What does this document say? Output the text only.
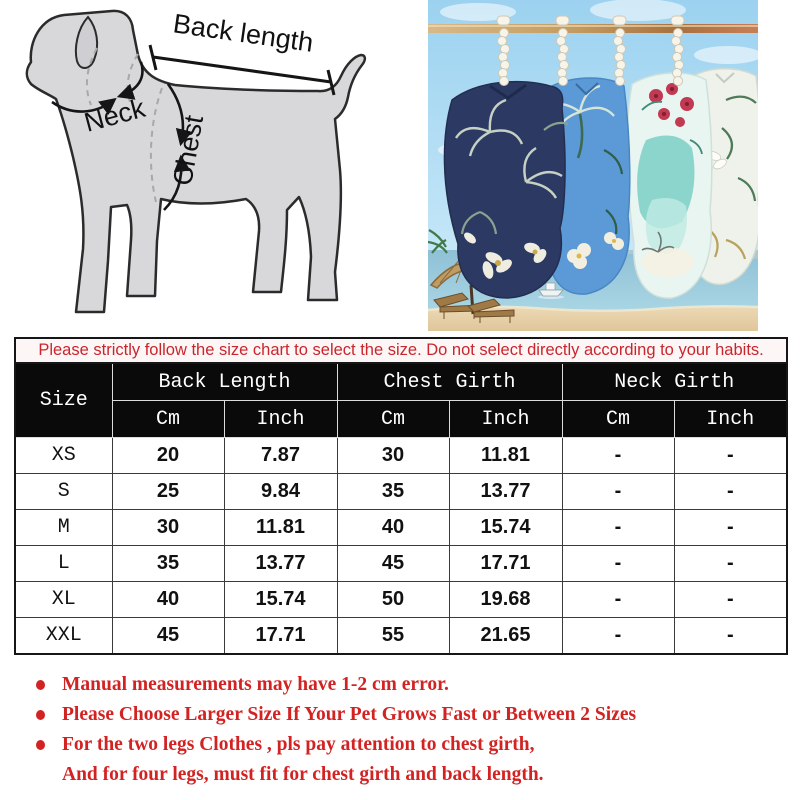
Back length
Neck Chest
Please strictly follow the size chart to select the size. Do not select directly according to your habits.						
Size	Back Length		Chest Girth		Neck Girth	
	Cm	Inch	Cm	Inch	Cm	Inch
XS	20	7.87	30	11.81	-	-
S	25	9.84	35	13.77	-	-
M	30	11.81	40	15.74	-	-
L	35	13.77	45	17.71	-	-
XL	40	15.74	50	19.68	-	-
XXL	45	17.71	55	21.65	-	-
Manual measurements may have 1-2 cm error.
Please Choose Larger Size If Your Pet Grows Fast or Between 2 Sizes
For the two legs Clothes , pls pay attention to chest girth,
And for four legs, must fit for chest girth and back length.
